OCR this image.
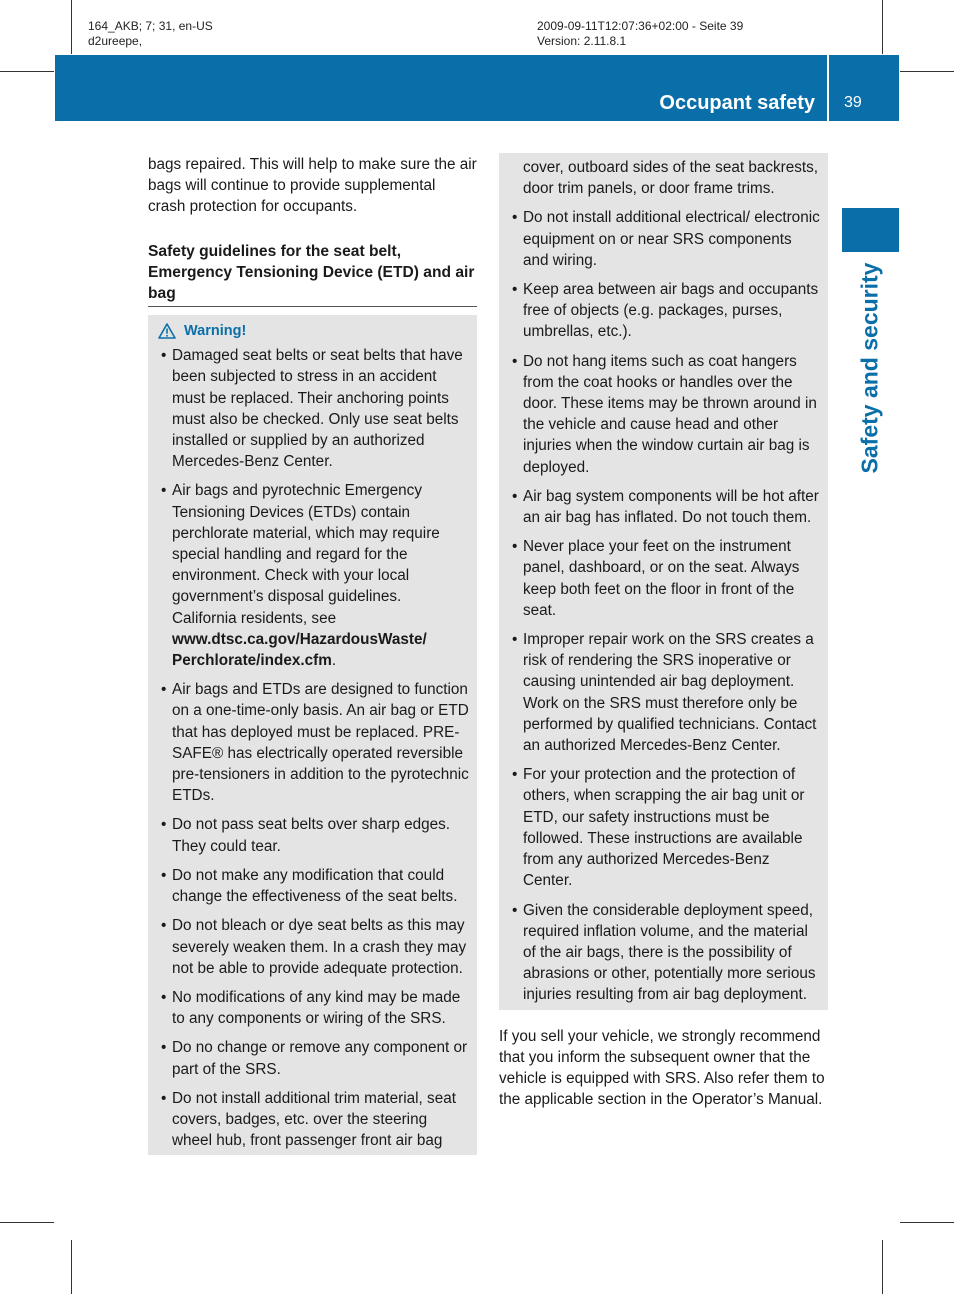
164_AKB; 7; 31, en-US
d2ureepe,
2009-09-11T12:07:36+02:00 - Seite 39
Version: 2.11.8.1
Occupant safety 39
Safety and security

bags repaired. This will help to make sure the air bags will continue to provide supplemental crash protection for occupants.

Safety guidelines for the seat belt, Emergency Tensioning Device (ETD) and air bag
Warning!
• Damaged seat belts or seat belts that have been subjected to stress in an accident must be replaced. Their anchoring points must also be checked. Only use seat belts installed or supplied by an authorized Mercedes-Benz Center.
• Air bags and pyrotechnic Emergency Tensioning Devices (ETDs) contain perchlorate material, which may require special handling and regard for the environment. Check with your local government’s disposal guidelines. California residents, see www.dtsc.ca.gov/HazardousWaste/ Perchlorate/index.cfm.
• Air bags and ETDs are designed to function on a one-time-only basis. An air bag or ETD that has deployed must be replaced. PRE-SAFE® has electrically operated reversible pre-tensioners in addition to the pyrotechnic ETDs.
• Do not pass seat belts over sharp edges. They could tear.
• Do not make any modification that could change the effectiveness of the seat belts.
• Do not bleach or dye seat belts as this may severely weaken them. In a crash they may not be able to provide adequate protection.
• No modifications of any kind may be made to any components or wiring of the SRS.
• Do no change or remove any component or part of the SRS.
• Do not install additional trim material, seat covers, badges, etc. over the steering wheel hub, front passenger front air bag
cover, outboard sides of the seat backrests, door trim panels, or door frame trims.
• Do not install additional electrical/ electronic equipment on or near SRS components and wiring.
• Keep area between air bags and occupants free of objects (e.g. packages, purses, umbrellas, etc.).
• Do not hang items such as coat hangers from the coat hooks or handles over the door. These items may be thrown around in the vehicle and cause head and other injuries when the window curtain air bag is deployed.
• Air bag system components will be hot after an air bag has inflated. Do not touch them.
• Never place your feet on the instrument panel, dashboard, or on the seat. Always keep both feet on the floor in front of the seat.
• Improper repair work on the SRS creates a risk of rendering the SRS inoperative or causing unintended air bag deployment. Work on the SRS must therefore only be performed by qualified technicians. Contact an authorized Mercedes-Benz Center.
• For your protection and the protection of others, when scrapping the air bag unit or ETD, our safety instructions must be followed. These instructions are available from any authorized Mercedes-Benz Center.
• Given the considerable deployment speed, required inflation volume, and the material of the air bags, there is the possibility of abrasions or other, potentially more serious injuries resulting from air bag deployment.

If you sell your vehicle, we strongly recommend that you inform the subsequent owner that the vehicle is equipped with SRS. Also refer them to the applicable section in the Operator’s Manual.
